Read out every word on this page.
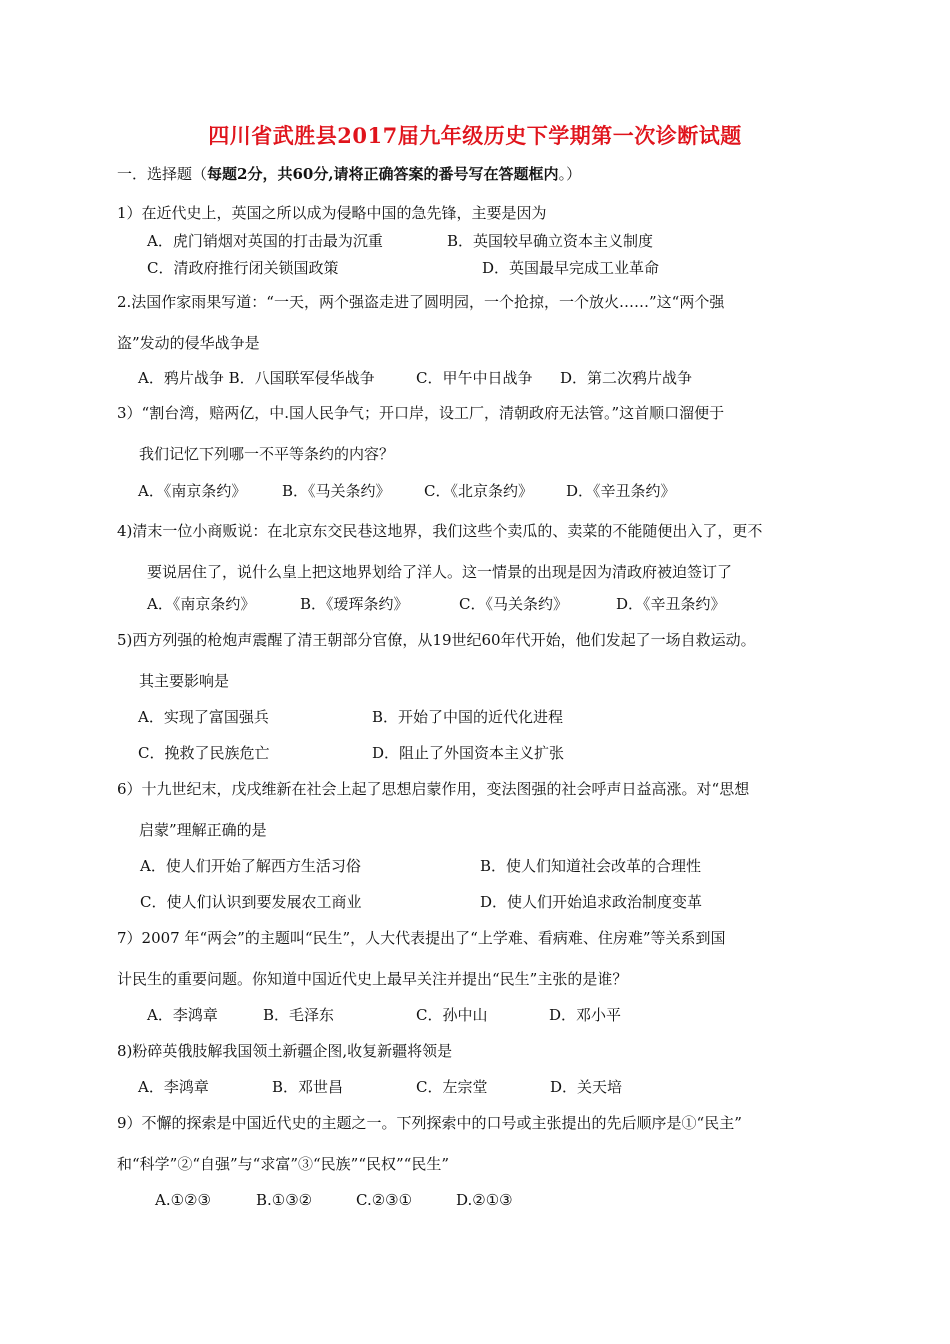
四川省武胜县2017届九年级历史下学期第一次诊断试题
一．选择题（每题2分，共60分,请将正确答案的番号写在答题框内。）
1）在近代史上，英国之所以成为侵略中国的急先锋，主要是因为
A．虎门销烟对英国的打击最为沉重	B．英国较早确立资本主义制度
C．清政府推行闭关锁国政策	D．英国最早完成工业革命
2.法国作家雨果写道：“一天，两个强盗走进了圆明园，一个抢掠，一个放火……”这“两个强
盗”发动的侵华战争是
A．鸦片战争 B．八国联军侵华战争	C．甲午中日战争 D．第二次鸦片战争
3）“割台湾，赔两亿，中.国人民争气；开口岸，设工厂，清朝政府无法管。”这首顺口溜便于
我们记忆下列哪一不平等条约的内容？
A．《南京条约》 B．《马关条约》 C．《北京条约》 D．《辛丑条约》
4)清末一位小商贩说：在北京东交民巷这地界，我们这些个卖瓜的、卖菜的不能随便出入了，更不
要说居住了，说什么皇上把这地界划给了洋人。这一情景的出现是因为清政府被迫签订了
A．《南京条约》	B．《瑷珲条约》	C．《马关条约》	D．《辛丑条约》
5)西方列强的枪炮声震醒了清王朝部分官僚，从19世纪60年代开始，他们发起了一场自救运动。
其主要影响是
A．实现了富国强兵	B．开始了中国的近代化进程
C．挽救了民族危亡	D．阻止了外国资本主义扩张
6）十九世纪末，戊戌维新在社会上起了思想启蒙作用，变法图强的社会呼声日益高涨。对“思想
启蒙”理解正确的是
A．使人们开始了解西方生活习俗	B．使人们知道社会改革的合理性
C．使人们认识到要发展农工商业	D．使人们开始追求政治制度变革
7）2007 年“两会”的主题叫“民生”，人大代表提出了“上学难、看病难、住房难”等关系到国
计民生的重要问题。你知道中国近代史上最早关注并提出“民生”主张的是谁？
A．李鸿章	B．毛泽东	C．孙中山	D．邓小平
8)粉碎英俄肢解我国领土新疆企图,收复新疆将领是
A．李鸿章	B．邓世昌	C．左宗堂	D．关天培
9）不懈的探索是中国近代史的主题之一。下列探索中的口号或主张提出的先后顺序是①“民主”
和“科学”②“自强”与“求富”③“民族”“民权”“民生”
A.①②③	B.①③②	C.②③①	D.②①③
